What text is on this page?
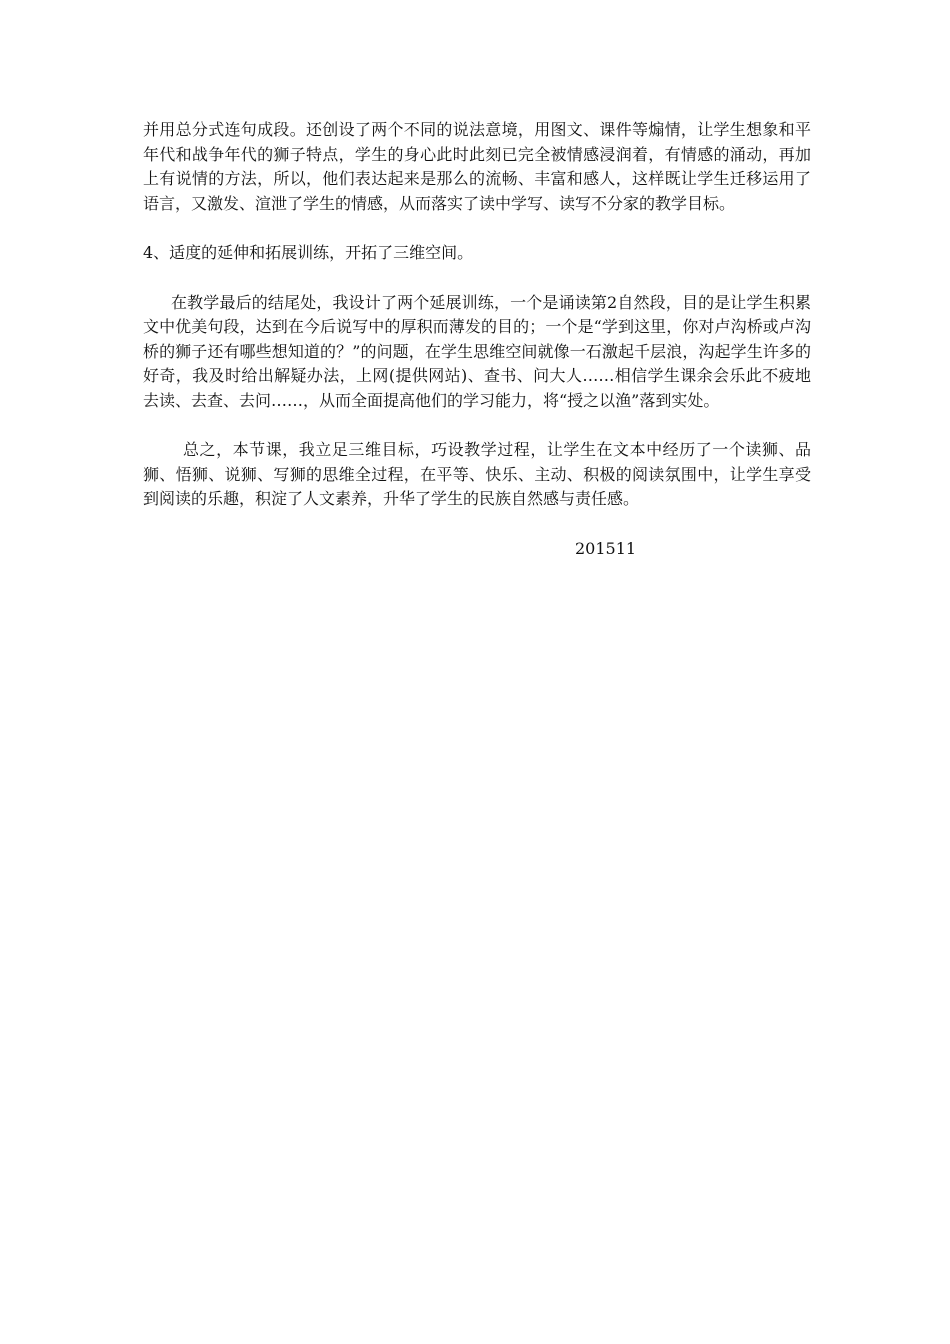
并用总分式连句成段。还创设了两个不同的说法意境，用图文、课件等煽情，让学生想象和平年代和战争年代的狮子特点，学生的身心此时此刻已完全被情感浸润着，有情感的涌动，再加上有说情的方法，所以，他们表达起来是那么的流畅、丰富和感人，这样既让学生迁移运用了语言，又激发、渲泄了学生的情感，从而落实了读中学写、读写不分家的教学目标。

4、适度的延伸和拓展训练，开拓了三维空间。

在教学最后的结尾处，我设计了两个延展训练，一个是诵读第2自然段，目的是让学生积累文中优美句段，达到在今后说写中的厚积而薄发的目的；一个是“学到这里，你对卢沟桥或卢沟桥的狮子还有哪些想知道的？”的问题，在学生思维空间就像一石激起千层浪，沟起学生许多的好奇，我及时给出解疑办法，上网(提供网站)、查书、问大人……相信学生课余会乐此不疲地去读、去查、去问……，从而全面提高他们的学习能力，将“授之以渔”落到实处。

总之，本节课，我立足三维目标，巧设教学过程，让学生在文本中经历了一个读狮、品狮、悟狮、说狮、写狮的思维全过程，在平等、快乐、主动、积极的阅读氛围中，让学生享受到阅读的乐趣，积淀了人文素养，升华了学生的民族自然感与责任感。

201511
